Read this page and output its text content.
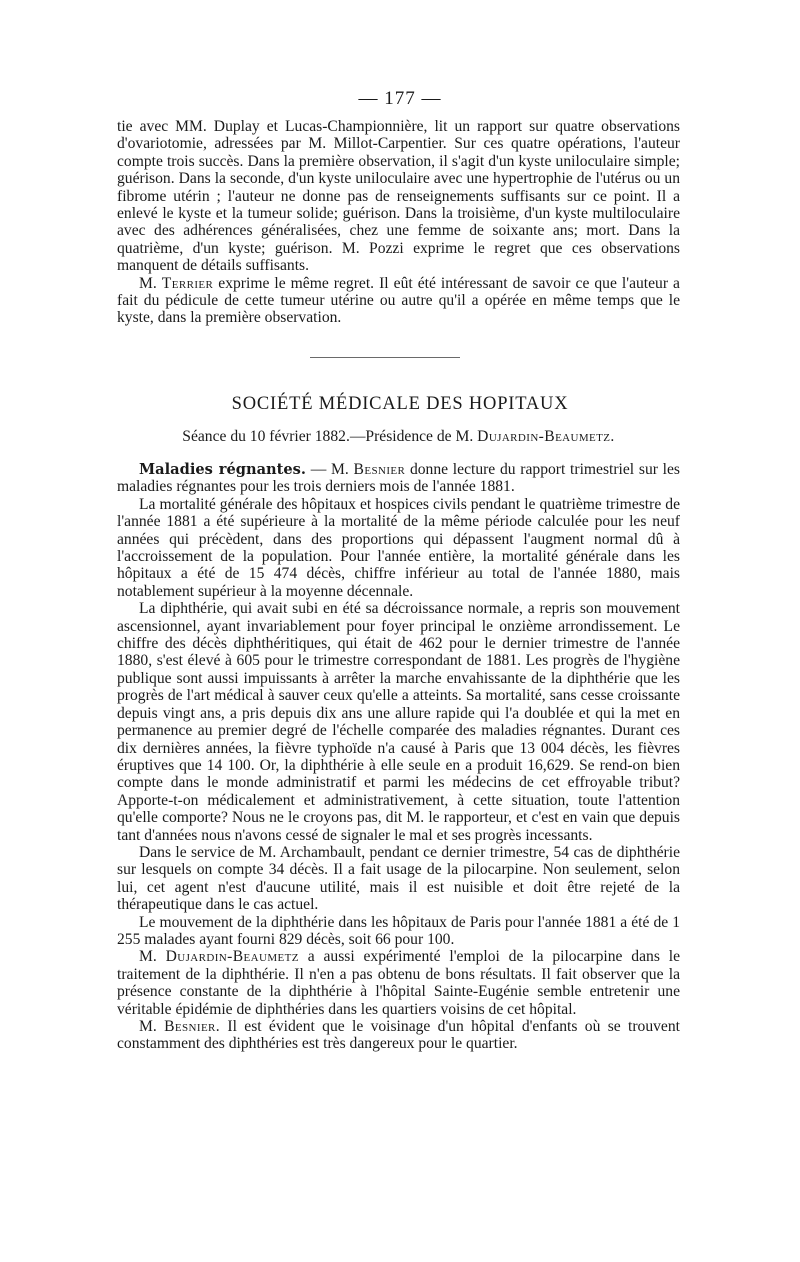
— 177 —

tie avec MM. Duplay et Lucas-Championnière, lit un rapport sur quatre observations d'ovariotomie, adressées par M. Millot-Carpentier. Sur ces quatre opérations, l'auteur compte trois succès. Dans la première observation, il s'agit d'un kyste uniloculaire simple; guérison. Dans la seconde, d'un kyste uniloculaire avec une hypertrophie de l'utérus ou un fibrome utérin ; l'auteur ne donne pas de renseignements suffisants sur ce point. Il a enlevé le kyste et la tumeur solide; guérison. Dans la troisième, d'un kyste multiloculaire avec des adhérences généralisées, chez une femme de soixante ans; mort. Dans la quatrième, d'un kyste; guérison. M. Pozzi exprime le regret que ces observations manquent de détails suffisants.

M. Terrier exprime le même regret. Il eût été intéressant de savoir ce que l'auteur a fait du pédicule de cette tumeur utérine ou autre qu'il a opérée en même temps que le kyste, dans la première observation.

SOCIÉTÉ MÉDICALE DES HOPITAUX
Séance du 10 février 1882.—Présidence de M. Dujardin-Beaumetz.

Maladies régnantes. — M. Besnier donne lecture du rapport trimestriel sur les maladies régnantes pour les trois derniers mois de l'année 1881.

La mortalité générale des hôpitaux et hospices civils pendant le quatrième trimestre de l'année 1881 a été supérieure à la mortalité de la même période calculée pour les neuf années qui précèdent, dans des proportions qui dépassent l'augment normal dû à l'accroissement de la population. Pour l'année entière, la mortalité générale dans les hôpitaux a été de 15 474 décès, chiffre inférieur au total de l'année 1880, mais notablement supérieur à la moyenne décennale.

La diphthérie, qui avait subi en été sa décroissance normale, a repris son mouvement ascensionnel, ayant invariablement pour foyer principal le onzième arrondissement. Le chiffre des décès diphthéritiques, qui était de 462 pour le dernier trimestre de l'année 1880, s'est élevé à 605 pour le trimestre correspondant de 1881. Les progrès de l'hygiène publique sont aussi impuissants à arrêter la marche envahissante de la diphthérie que les progrès de l'art médical à sauver ceux qu'elle a atteints. Sa mortalité, sans cesse croissante depuis vingt ans, a pris depuis dix ans une allure rapide qui l'a doublée et qui la met en permanence au premier degré de l'échelle comparée des maladies régnantes. Durant ces dix dernières années, la fièvre typhoïde n'a causé à Paris que 13 004 décès, les fièvres éruptives que 14 100. Or, la diphthérie à elle seule en a produit 16,629. Se rend-on bien compte dans le monde administratif et parmi les médecins de cet effroyable tribut? Apporte-t-on médicalement et administrativement, à cette situation, toute l'attention qu'elle comporte? Nous ne le croyons pas, dit M. le rapporteur, et c'est en vain que depuis tant d'années nous n'avons cessé de signaler le mal et ses progrès incessants.

Dans le service de M. Archambault, pendant ce dernier trimestre, 54 cas de diphthérie sur lesquels on compte 34 décès. Il a fait usage de la pilocarpine. Non seulement, selon lui, cet agent n'est d'aucune utilité, mais il est nuisible et doit être rejeté de la thérapeutique dans le cas actuel.

Le mouvement de la diphthérie dans les hôpitaux de Paris pour l'année 1881 a été de 1 255 malades ayant fourni 829 décès, soit 66 pour 100.

M. Dujardin-Beaumetz a aussi expérimenté l'emploi de la pilocarpine dans le traitement de la diphthérie. Il n'en a pas obtenu de bons résultats. Il fait observer que la présence constante de la diphthérie à l'hôpital Sainte-Eugénie semble entretenir une véritable épidémie de diphthéries dans les quartiers voisins de cet hôpital.

M. Besnier. Il est évident que le voisinage d'un hôpital d'enfants où se trouvent constamment des diphthéries est très dangereux pour le quartier.
